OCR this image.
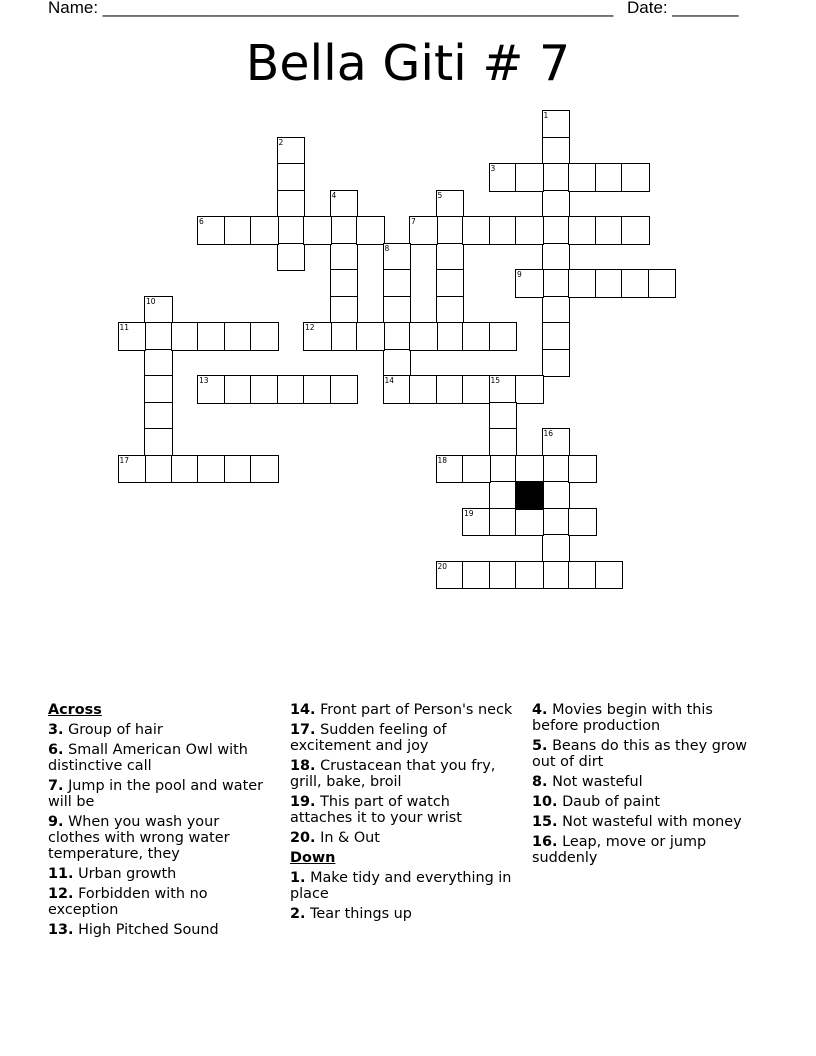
Name: ______________________________________________________ Date: _______
Bella Giti # 7
1
2
3
4	5
6	7
8
14
9
10
11	12
13	15
16
17	18
19
20
Across
3. Group of hair
6. Small American Owl with distinctive call
7. Jump in the pool and water will be
9. When you wash your clothes with wrong water temperature, they
11. Urban growth
12. Forbidden with no exception
13. High Pitched Sound
14. Front part of Person's neck
17. Sudden feeling of excitement and joy
18. Crustacean that you fry, grill, bake, broil
19. This part of watch attaches it to your wrist
20. In & Out
Down
1. Make tidy and everything in place
2. Tear things up
4. Movies begin with this before production
5. Beans do this as they grow out of dirt
8. Not wasteful
10. Daub of paint
15. Not wasteful with money
16. Leap, move or jump suddenly
